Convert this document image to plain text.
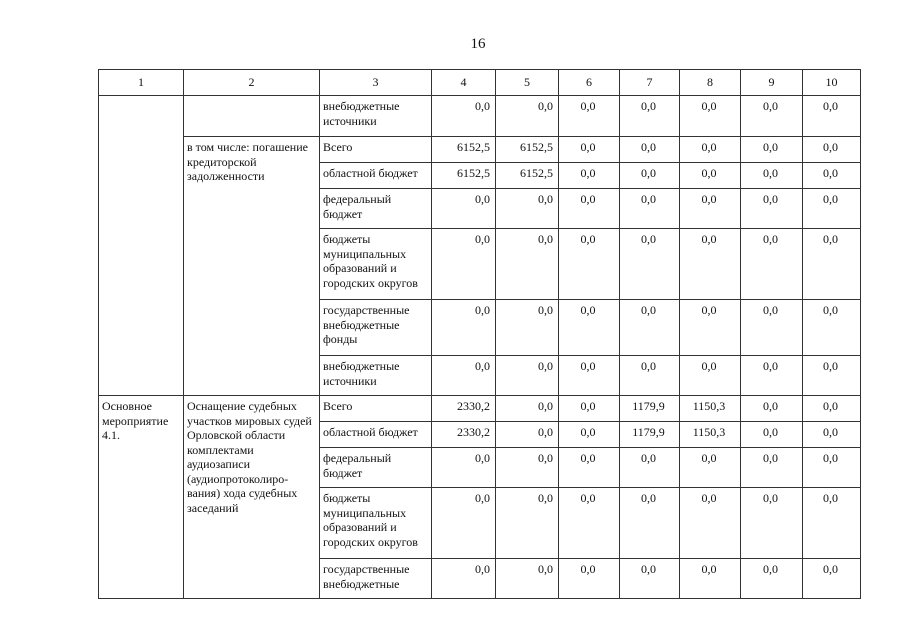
16
1	2	3	4	5	6	7	8	9	10
		внебюджетные источники	0,0	0,0	0,0	0,0	0,0	0,0	0,0
	в том числе: погашение кредиторской задолженности	Всего	6152,5	6152,5	0,0	0,0	0,0	0,0	0,0
		областной бюджет	6152,5	6152,5	0,0	0,0	0,0	0,0	0,0
		федеральный бюджет	0,0	0,0	0,0	0,0	0,0	0,0	0,0
		бюджеты муниципальных образований и городских округов	0,0	0,0	0,0	0,0	0,0	0,0	0,0
		государственные внебюджетные фонды	0,0	0,0	0,0	0,0	0,0	0,0	0,0
		внебюджетные источники	0,0	0,0	0,0	0,0	0,0	0,0	0,0
Основное мероприятие 4.1.	Оснащение судебных участков мировых судей Орловской области комплектами аудиозаписи (аудиопротоколиро-вания) хода судебных заседаний	Всего	2330,2	0,0	0,0	1179,9	1150,3	0,0	0,0
		областной бюджет	2330,2	0,0	0,0	1179,9	1150,3	0,0	0,0
		федеральный бюджет	0,0	0,0	0,0	0,0	0,0	0,0	0,0
		бюджеты муниципальных образований и городских округов	0,0	0,0	0,0	0,0	0,0	0,0	0,0
		государственные внебюджетные	0,0	0,0	0,0	0,0	0,0	0,0	0,0
